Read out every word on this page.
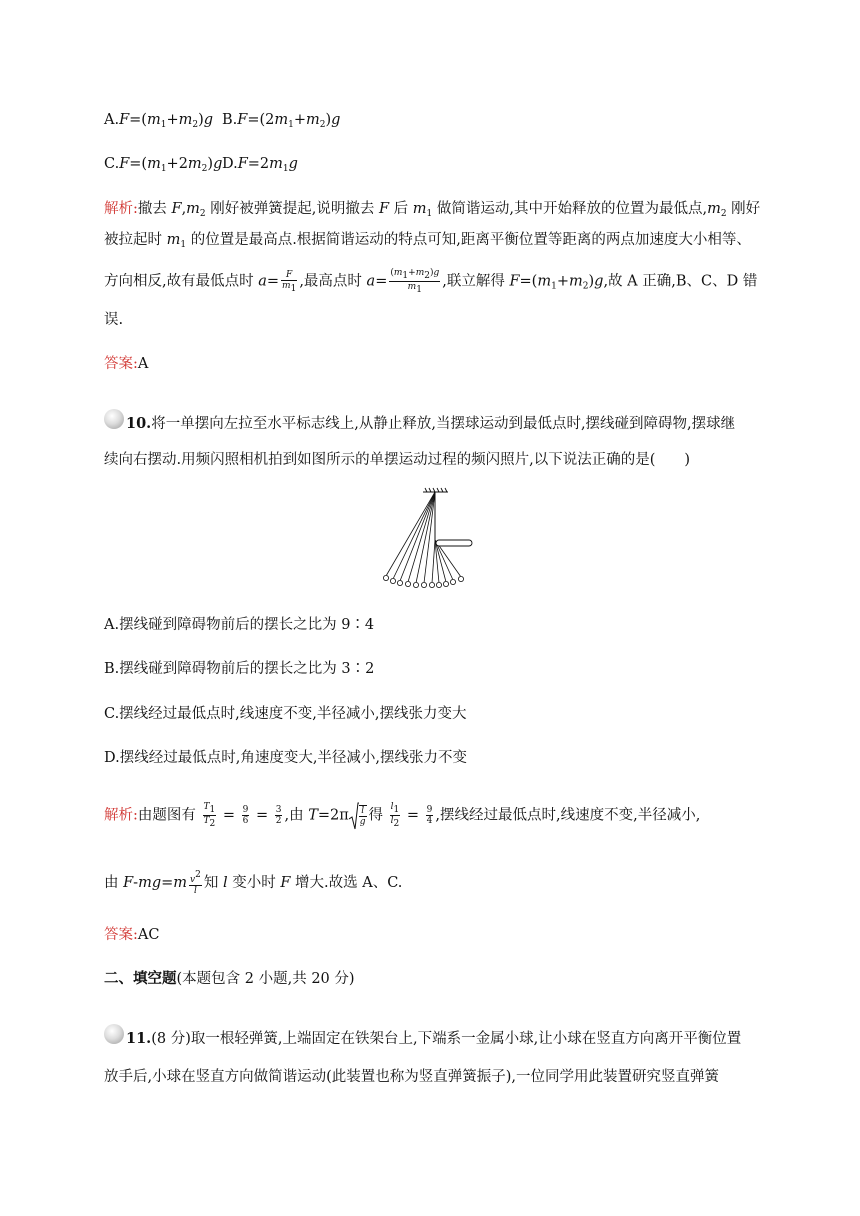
$A.F=(m_1+m_2)g$ $B.F=(2m_1+m_2)g$
$C.F=(m_1+2m_2)g$ $D.F=2m_1g$
解析:撤去 $F,m_2$ 刚好被弹簧提起,说明撤去 F 后 $m_1$ 做简谐运动,其中开始释放的位置为最低点$,m_2$ 刚好
被拉起时 $m_1$ 的位置是最高点.根据简谐运动的特点可知,距离平衡位置等距离的两点加速度大小相等、
方向相反,故有最低点时 $a= \frac{F}{m_1}$ ,最高点时 $a= \frac{(m_1+m_2)g}{m_1}$ ,联立解得 $F=(m_1+m_2)g$,故 A 正确,B、C、D 错
误.
答案:A
10.将一单摆向左拉至水平标志线上,从静止释放,当摆球运动到最低点时,摆线碰到障碍物,摆球继
续向右摆动.用频闪照相机拍到如图所示的单摆运动过程的频闪照片,以下说法正确的是(　　)
A.摆线碰到障碍物前后的摆长之比为 9∶4
B.摆线碰到障碍物前后的摆长之比为 3∶2
C.摆线经过最低点时,线速度不变,半径减小,摆线张力变大
D.摆线经过最低点时,角速度变大,半径减小,摆线张力不变
解析:由题图有 $\frac{T_1}{T_2} = \frac{9}{6} = \frac{3}{2}$ ,由 $T=2\pi \frac{l}{g}$ 得 $\frac{l_1}{l_2} = \frac{9}{4}$ ,摆线经过最低点时,线速度不变,半径减小,
由 $F-mg=m \frac{v^2}{l}$ 知 l 变小时 F 增大.故选 A、C.
答案:AC
二、填空题(本题包含 2 小题,共 20 分)
11.(8 分)取一根轻弹簧,上端固定在铁架台上,下端系一金属小球,让小球在竖直方向离开平衡位置
放手后,小球在竖直方向做简谐运动(此装置也称为竖直弹簧振子),一位同学用此装置研究竖直弹簧
